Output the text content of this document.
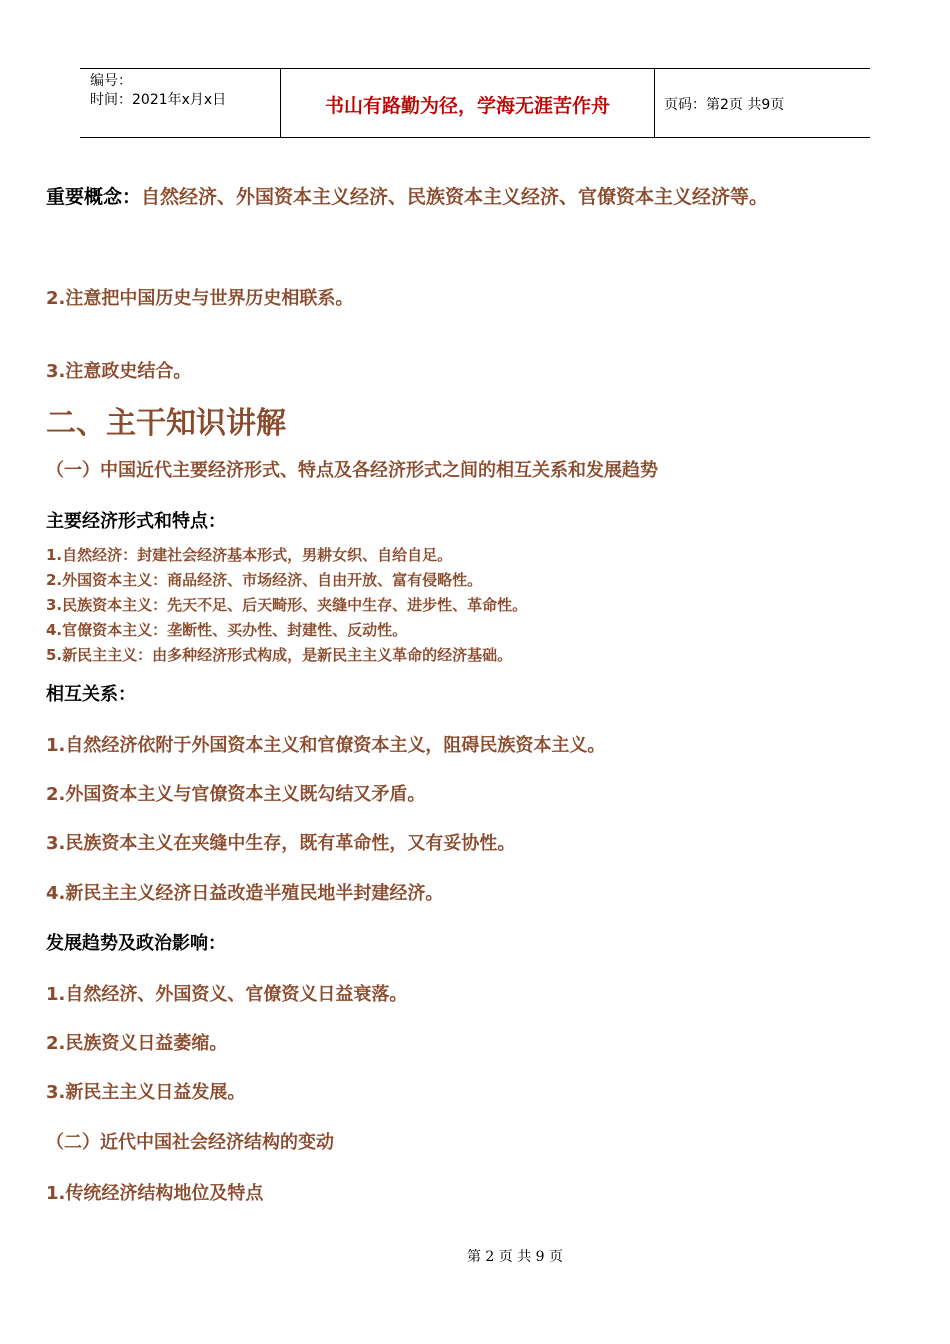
编号：
时间：2021年x月x日	书山有路勤为径，学海无涯苦作舟	页码：第2页 共9页
重要概念：自然经济、外国资本主义经济、民族资本主义经济、官僚资本主义经济等。
2.注意把中国历史与世界历史相联系。
3.注意政史结合。
二、主干知识讲解
（一）中国近代主要经济形式、特点及各经济形式之间的相互关系和发展趋势
主要经济形式和特点：
1.自然经济：封建社会经济基本形式，男耕女织、自给自足。
2.外国资本主义：商品经济、市场经济、自由开放、富有侵略性。
3.民族资本主义：先天不足、后天畸形、夹缝中生存、进步性、革命性。
4.官僚资本主义：垄断性、买办性、封建性、反动性。
5.新民主主义：由多种经济形式构成，是新民主主义革命的经济基础。
相互关系：
1.自然经济依附于外国资本主义和官僚资本主义，阻碍民族资本主义。
2.外国资本主义与官僚资本主义既勾结又矛盾。
3.民族资本主义在夹缝中生存，既有革命性，又有妥协性。
4.新民主主义经济日益改造半殖民地半封建经济。
发展趋势及政治影响：
1.自然经济、外国资义、官僚资义日益衰落。
2.民族资义日益萎缩。
3.新民主主义日益发展。
（二）近代中国社会经济结构的变动
1.传统经济结构地位及特点
第 2 页 共 9 页
